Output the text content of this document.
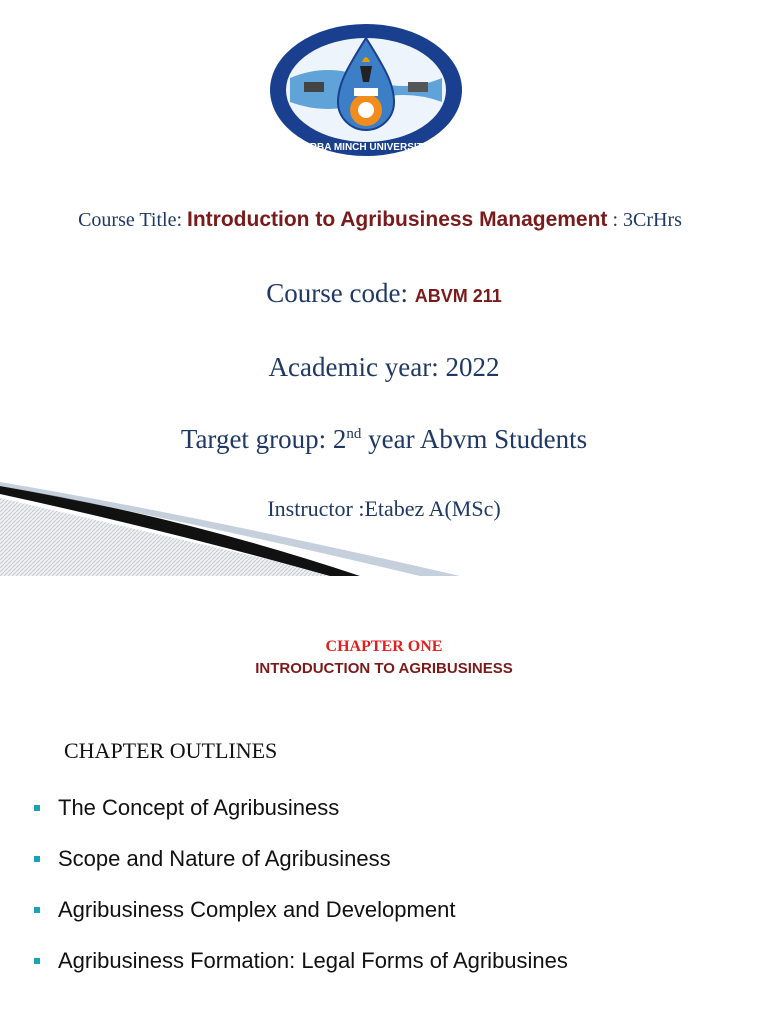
ARBA MINCH UNIVERSITY
Course Title: Introduction to Agribusiness Management : 3CrHrs
Course code: ABVM 211
Academic year: 2022
Target group: 2nd year Abvm Students
Instructor :Etabez A(MSc)
CHAPTER ONE
INTRODUCTION TO AGRIBUSINESS
CHAPTER OUTLINES
The Concept of Agribusiness
Scope and Nature of Agribusiness
Agribusiness Complex and Development
Agribusiness Formation: Legal Forms of Agribusines
